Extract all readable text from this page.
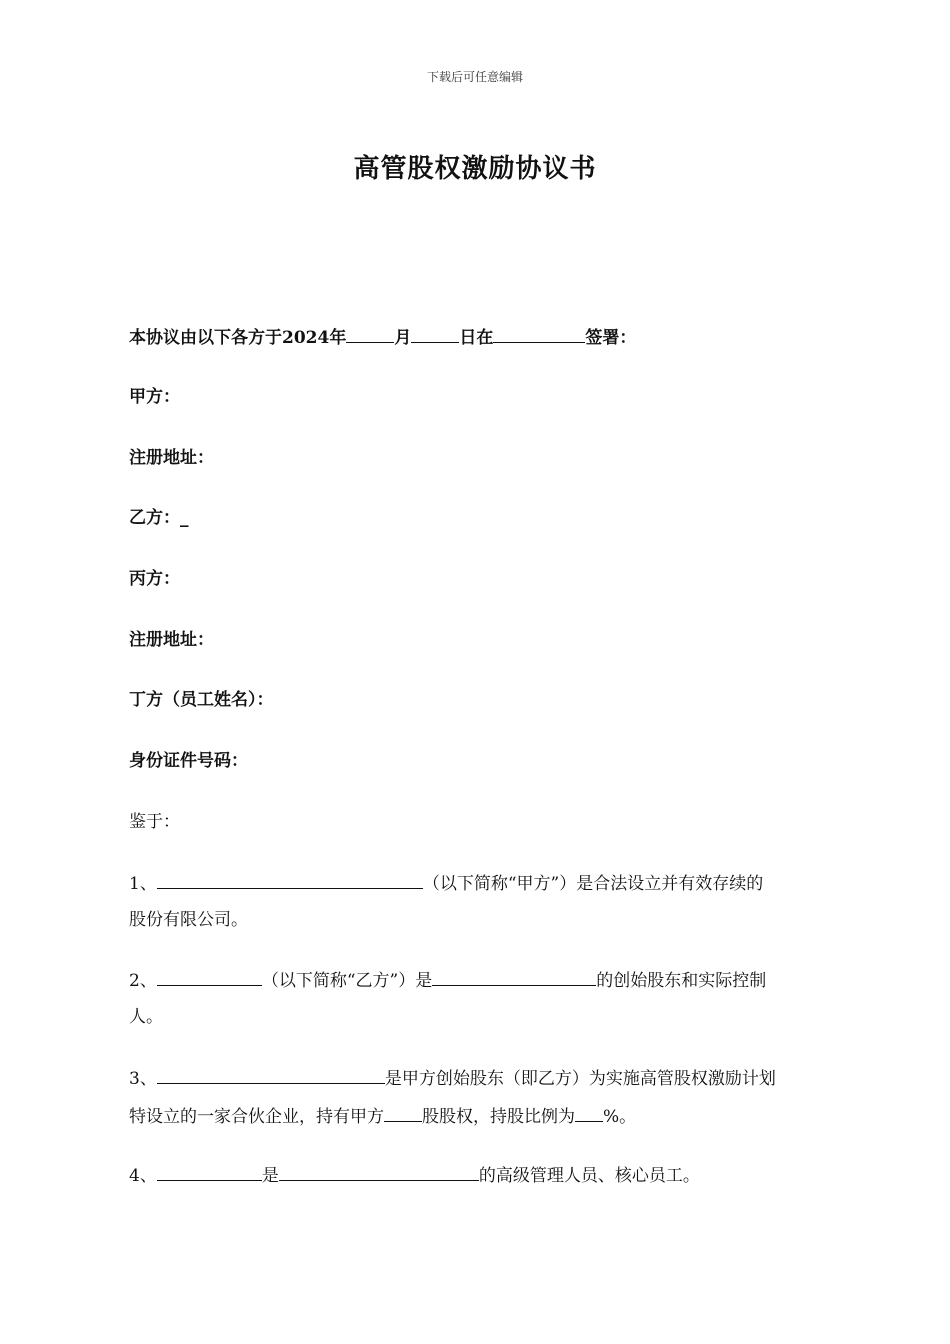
下载后可任意编辑
高管股权激励协议书
本协议由以下各方于2024年	月	日在	签署：
甲方：
注册地址：
乙方：_
丙方：
注册地址：
丁方（员工姓名）：
身份证件号码：
鉴于：
1、	（以下简称“甲方”）是合法设立并有效存续的
股份有限公司。
2、	（以下简称“乙方”）是	的创始股东和实际控制
人。
3、	是甲方创始股东（即乙方）为实施高管股权激励计划
特设立的一家合伙企业，持有甲方 股股权，持股比例为 %。
4、	是	的高级管理人员、核心员工。
